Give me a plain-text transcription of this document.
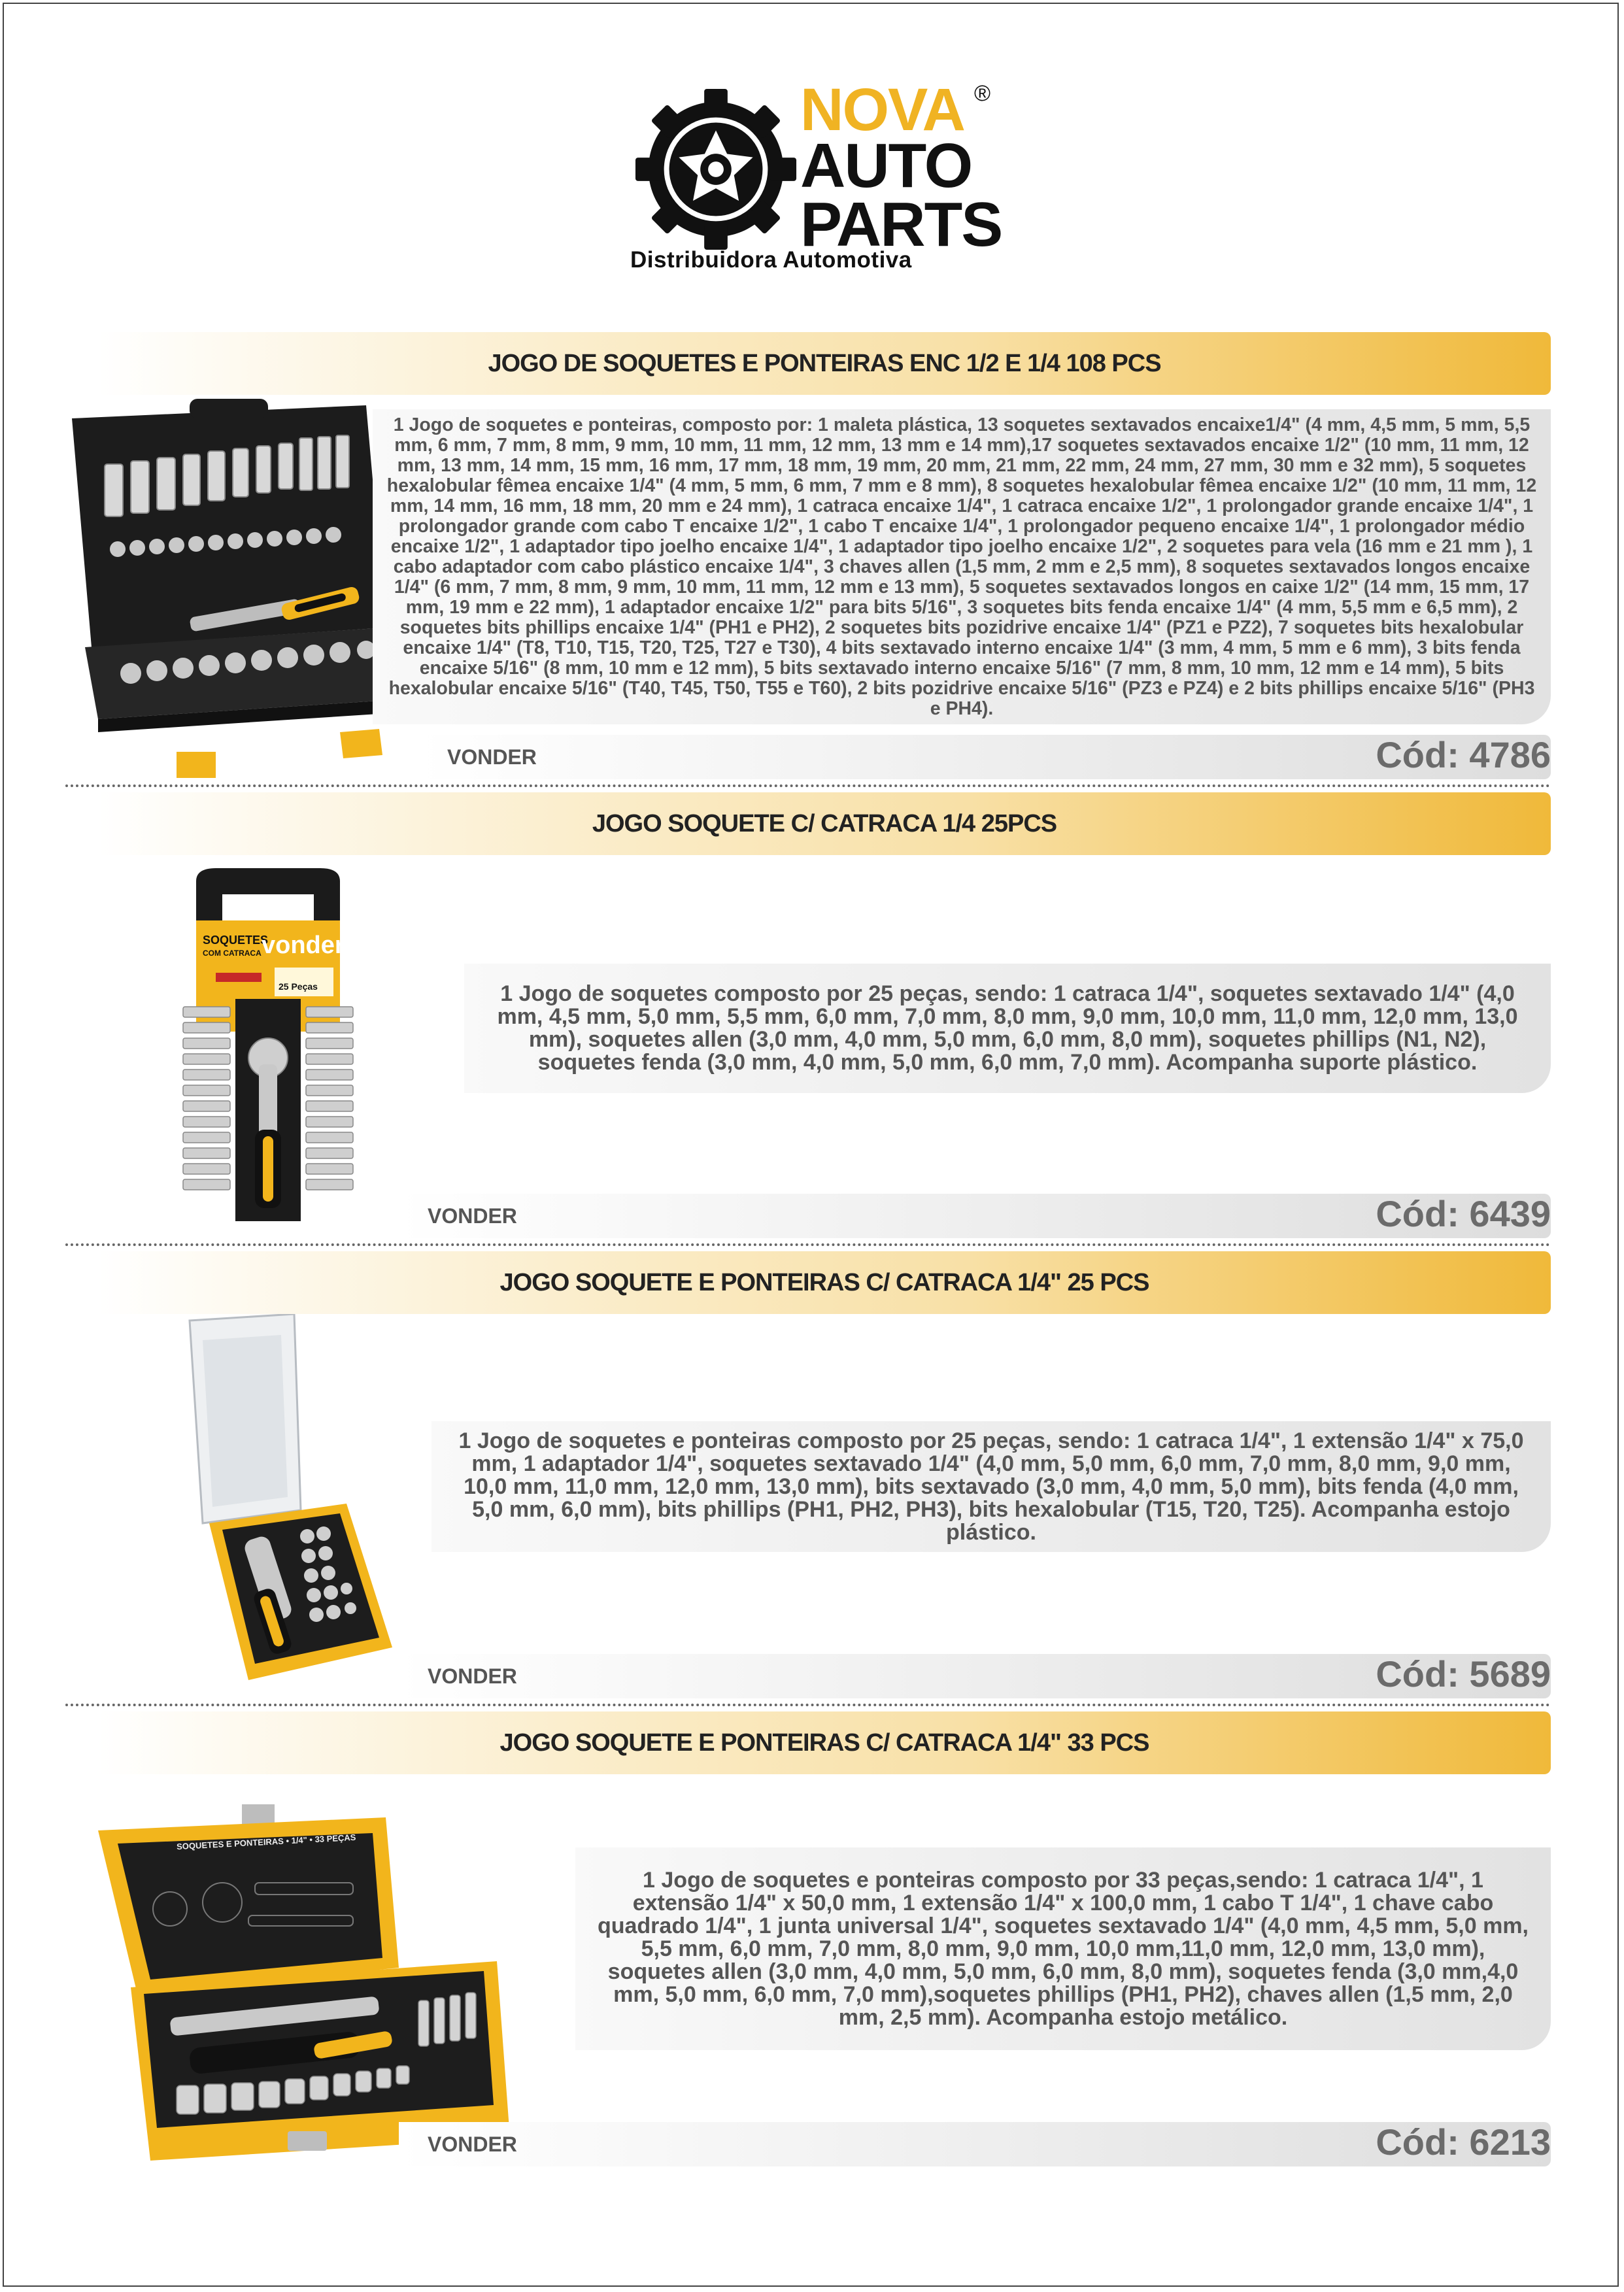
NOVA ®
AUTO
PARTS
Distribuidora Automotiva
JOGO DE SOQUETES E PONTEIRAS ENC 1/2 E 1/4 108 PCS

1 Jogo de soquetes e ponteiras, composto por: 1 maleta plástica, 13 soquetes sextavados encaixe1/4" (4 mm, 4,5 mm, 5 mm, 5,5 mm, 6 mm, 7 mm, 8 mm, 9 mm, 10 mm, 11 mm, 12 mm, 13 mm e 14 mm),17 soquetes sextavados encaixe 1/2" (10 mm, 11 mm, 12 mm, 13 mm, 14 mm, 15 mm, 16 mm, 17 mm, 18 mm, 19 mm, 20 mm, 21 mm, 22 mm, 24 mm, 27 mm, 30 mm e 32 mm), 5 soquetes hexalobular fêmea encaixe 1/4" (4 mm, 5 mm, 6 mm, 7 mm e 8 mm), 8 soquetes hexalobular fêmea encaixe 1/2" (10 mm, 11 mm, 12 mm, 14 mm, 16 mm, 18 mm, 20 mm e 24 mm), 1 catraca encaixe 1/4", 1 catraca encaixe 1/2", 1 prolongador grande encaixe 1/4", 1 prolongador grande com cabo T encaixe 1/2", 1 cabo T encaixe 1/4", 1 prolongador pequeno encaixe 1/4", 1 prolongador médio encaixe 1/2", 1 adaptador tipo joelho encaixe 1/4", 1 adaptador tipo joelho encaixe 1/2", 2 soquetes para vela (16 mm e 21 mm ), 1 cabo adaptador com cabo plástico encaixe 1/4", 3 chaves allen (1,5 mm, 2 mm e 2,5 mm), 8 soquetes sextavados longos encaixe 1/4" (6 mm, 7 mm, 8 mm, 9 mm, 10 mm, 11 mm, 12 mm e 13 mm), 5 soquetes sextavados longos en caixe 1/2" (14 mm, 15 mm, 17 mm, 19 mm e 22 mm), 1 adaptador encaixe 1/2" para bits 5/16", 3 soquetes bits fenda encaixe 1/4" (4 mm, 5,5 mm e 6,5 mm), 2 soquetes bits phillips encaixe 1/4" (PH1 e PH2), 2 soquetes bits pozidrive encaixe 1/4" (PZ1 e PZ2), 7 soquetes bits hexalobular encaixe 1/4" (T8, T10, T15, T20, T25, T27 e T30), 4 bits sextavado interno encaixe 1/4" (3 mm, 4 mm, 5 mm e 6 mm), 3 bits fenda encaixe 5/16" (8 mm, 10 mm e 12 mm), 5 bits sextavado interno encaixe 5/16" (7 mm, 8 mm, 10 mm, 12 mm e 14 mm), 5 bits hexalobular encaixe 5/16" (T40, T45, T50, T55 e T60), 2 bits pozidrive encaixe 5/16" (PZ3 e PZ4) e 2 bits phillips encaixe 5/16" (PH3 e PH4).

VONDER	Cód: 4786
JOGO SOQUETE C/ CATRACA 1/4 25PCS
SOQUETES
COM CATRACA vonder
25 Peças	1 Jogo de soquetes composto por 25 peças, sendo: 1 catraca 1/4", soquetes sextavado 1/4" (4,0 mm, 4,5 mm, 5,0 mm, 5,5 mm, 6,0 mm, 7,0 mm, 8,0 mm, 9,0 mm, 10,0 mm, 11,0 mm, 12,0 mm, 13,0 mm), soquetes allen (3,0 mm, 4,0 mm, 5,0 mm, 6,0 mm, 8,0 mm), soquetes phillips (N1, N2), soquetes fenda (3,0 mm, 4,0 mm, 5,0 mm, 6,0 mm, 7,0 mm). Acompanha suporte plástico.

VONDER	Cód: 6439
JOGO SOQUETE E PONTEIRAS C/ CATRACA 1/4" 25 PCS

1 Jogo de soquetes e ponteiras composto por 25 peças, sendo: 1 catraca 1/4", 1 extensão 1/4" x 75,0 mm, 1 adaptador 1/4", soquetes sextavado 1/4" (4,0 mm, 5,0 mm, 6,0 mm, 7,0 mm, 8,0 mm, 9,0 mm, 10,0 mm, 11,0 mm, 12,0 mm, 13,0 mm), bits sextavado (3,0 mm, 4,0 mm, 5,0 mm), bits fenda (4,0 mm, 5,0 mm, 6,0 mm), bits phillips (PH1, PH2, PH3), bits hexalobular (T15, T20, T25). Acompanha estojo plástico.

VONDER	Cód: 5689
JOGO SOQUETE E PONTEIRAS C/ CATRACA 1/4" 33 PCS
SOQUETES E PONTEIRAS • 1/4" • 33 PEÇAS

1 Jogo de soquetes e ponteiras composto por 33 peças,sendo: 1 catraca 1/4", 1 extensão 1/4" x 50,0 mm, 1 extensão 1/4" x 100,0 mm, 1 cabo T 1/4", 1 chave cabo quadrado 1/4", 1 junta universal 1/4", soquetes sextavado 1/4" (4,0 mm, 4,5 mm, 5,0 mm, 5,5 mm, 6,0 mm, 7,0 mm, 8,0 mm, 9,0 mm, 10,0 mm,11,0 mm, 12,0 mm, 13,0 mm), soquetes allen (3,0 mm, 4,0 mm, 5,0 mm, 6,0 mm, 8,0 mm), soquetes fenda (3,0 mm,4,0 mm, 5,0 mm, 6,0 mm, 7,0 mm),soquetes phillips (PH1, PH2), chaves allen (1,5 mm, 2,0 mm, 2,5 mm). Acompanha estojo metálico.

VONDER	Cód: 6213
